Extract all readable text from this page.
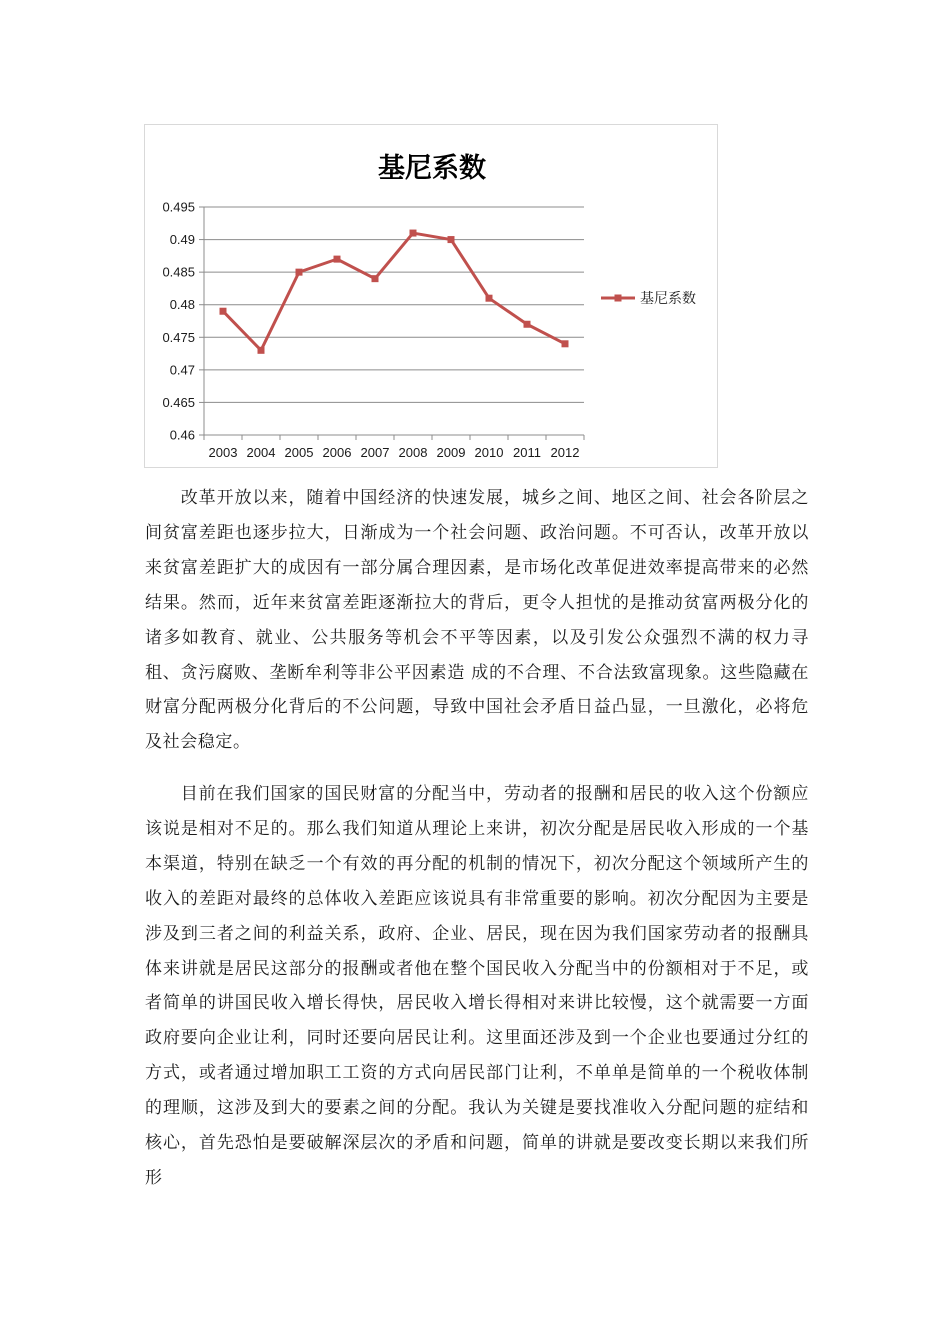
基尼系数
0.46
0.465
0.47
0.475
0.48
0.485
0.49
0.495
2003 2004 2005 2006 2007 2008 2009 2010 2011 2012
基尼系数

改革开放以来，随着中国经济的快速发展，城乡之间、地区之间、社会各阶层之间贫富差距也逐步拉大，日渐成为一个社会问题、政治问题。不可否认，改革开放以来贫富差距扩大的成因有一部分属合理因素，是市场化改革促进效率提高带来的必然结果。然而，近年来贫富差距逐渐拉大的背后，更令人担忧的是推动贫富两极分化的诸多如教育、就业、公共服务等机会不平等因素，以及引发公众强烈不满的权力寻租、贪污腐败、垄断牟利等非公平因素造 成的不合理、不合法致富现象。这些隐藏在财富分配两极分化背后的不公问题，导致中国社会矛盾日益凸显，一旦激化，必将危及社会稳定。

目前在我们国家的国民财富的分配当中，劳动者的报酬和居民的收入这个份额应该说是相对不足的。那么我们知道从理论上来讲，初次分配是居民收入形成的一个基本渠道，特别在缺乏一个有效的再分配的机制的情况下，初次分配这个领域所产生的收入的差距对最终的总体收入差距应该说具有非常重要的影响。初次分配因为主要是涉及到三者之间的利益关系，政府、企业、居民，现在因为我们国家劳动者的报酬具体来讲就是居民这部分的报酬或者他在整个国民收入分配当中的份额相对于不足，或者简单的讲国民收入增长得快，居民收入增长得相对来讲比较慢，这个就需要一方面政府要向企业让利，同时还要向居民让利。这里面还涉及到一个企业也要通过分红的方式，或者通过增加职工工资的方式向居民部门让利，不单单是简单的一个税收体制的理顺，这涉及到大的要素之间的分配。我认为关键是要找准收入分配问题的症结和核心，首先恐怕是要破解深层次的矛盾和问题，简单的讲就是要改变长期以来我们所形
